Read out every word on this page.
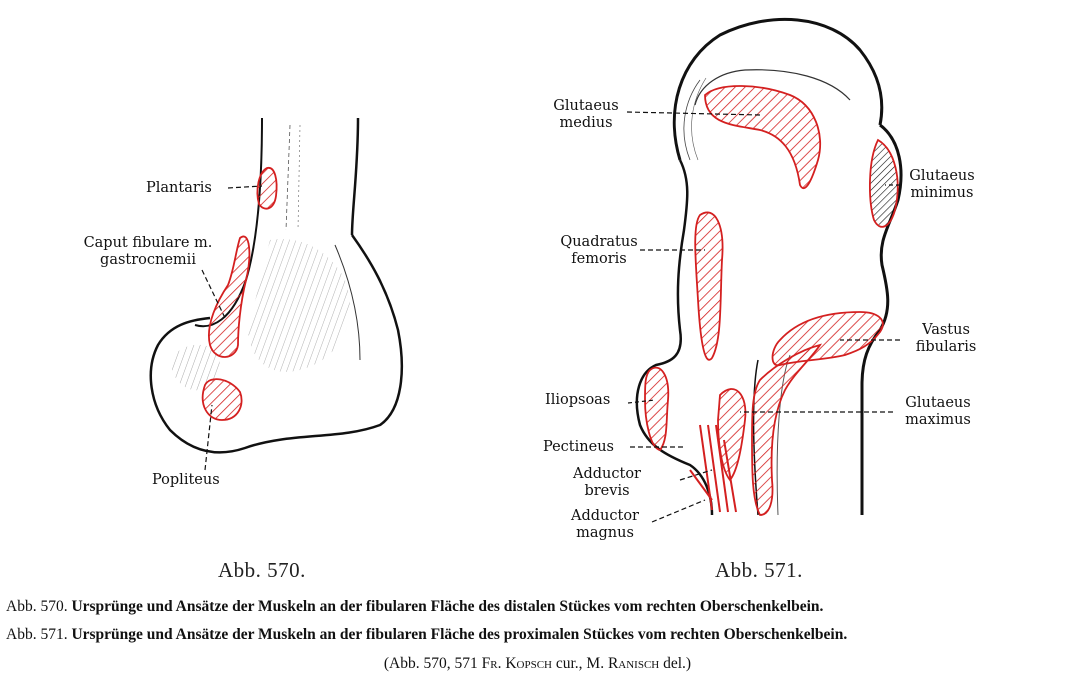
Plantaris
Caput fibulare m.
gastrocnemii
Popliteus
Abb. 570.
Glutaeus
medius
Glutaeus
minimus
Quadratus
femoris
Vastus
fibularis
Iliopsoas	Glutaeus
maximus
Pectineus
Adductor
brevis
Adductor
magnus
Abb. 571.
Abb. 570. Ursprünge und Ansätze der Muskeln an der fibularen Fläche des distalen Stückes vom rechten Oberschenkelbein.
Abb. 571. Ursprünge und Ansätze der Muskeln an der fibularen Fläche des proximalen Stückes vom rechten Oberschenkelbein.
(Abb. 570, 571 Fr. Kopsch cur., M. Ranisch del.)
